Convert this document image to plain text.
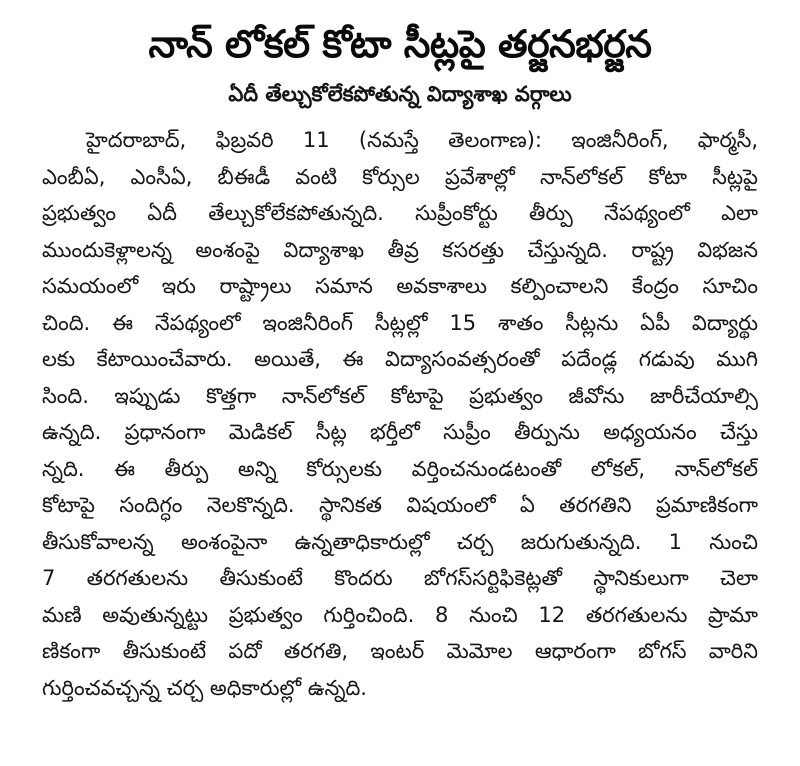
నాన్‌ లోకల్‌ కోటా సీట్లపై తర్జనభర్జన
ఏదీ తేల్చుకోలేకపోతున్న విద్యాశాఖ వర్గాలు
హైదరాబాద్‌, ఫిబ్రవరి 11 (నమస్తే తెలంగాణ): ఇంజినీరింగ్‌, ఫార్మసీ,
ఎంబీఏ, ఎంసీఏ, బీఈడీ వంటి కోర్సుల ప్రవేశాల్లో నాన్‌లోకల్‌ కోటా సీట్లపై
ప్రభుత్వం ఏదీ తేల్చుకోలేకపోతున్నది. సుప్రీంకోర్టు తీర్పు నేపథ్యంలో ఎలా
ముందుకెళ్లాలన్న అంశంపై విద్యాశాఖ తీవ్ర కసరత్తు చేస్తున్నది. రాష్ట్ర విభజన
సమయంలో ఇరు రాష్ట్రాలు సమాన అవకాశాలు కల్పించాలని కేంద్రం సూచిం
చింది. ఈ నేపథ్యంలో ఇంజినీరింగ్‌ సీట్లల్లో 15 శాతం సీట్లను ఏపీ విద్యార్థు
లకు కేటాయించేవారు. అయితే, ఈ విద్యాసంవత్సరంతో పదేండ్ల గడువు ముగి
సింది. ఇప్పుడు కొత్తగా నాన్‌లోకల్‌ కోటాపై ప్రభుత్వం జీవోను జారీచేయాల్సి
ఉన్నది. ప్రధానంగా మెడికల్‌ సీట్ల భర్తీలో సుప్రీం తీర్పును అధ్యయనం చేస్తు
న్నది. ఈ తీర్పు అన్ని కోర్సులకు వర్తించనుండటంతో లోకల్‌, నాన్‌లోకల్‌
కోటాపై సందిగ్ధం నెలకొన్నది. స్థానికత విషయంలో ఏ తరగతిని ప్రమాణికంగా
తీసుకోవాలన్న అంశంపైనా ఉన్నతాధికారుల్లో చర్చ జరుగుతున్నది. 1 నుంచి
7 తరగతులను తీసుకుంటే కొందరు బోగస్‌సర్టిఫికెట్లతో స్థానికులుగా చెలా
మణి అవుతున్నట్టు ప్రభుత్వం గుర్తించింది. 8 నుంచి 12 తరగతులను ప్రామా
ణికంగా తీసుకుంటే పదో తరగతి, ఇంటర్‌ మెమోల ఆధారంగా బోగస్‌ వారిని
గుర్తించవచ్చన్న చర్చ అధికారుల్లో ఉన్నది.
